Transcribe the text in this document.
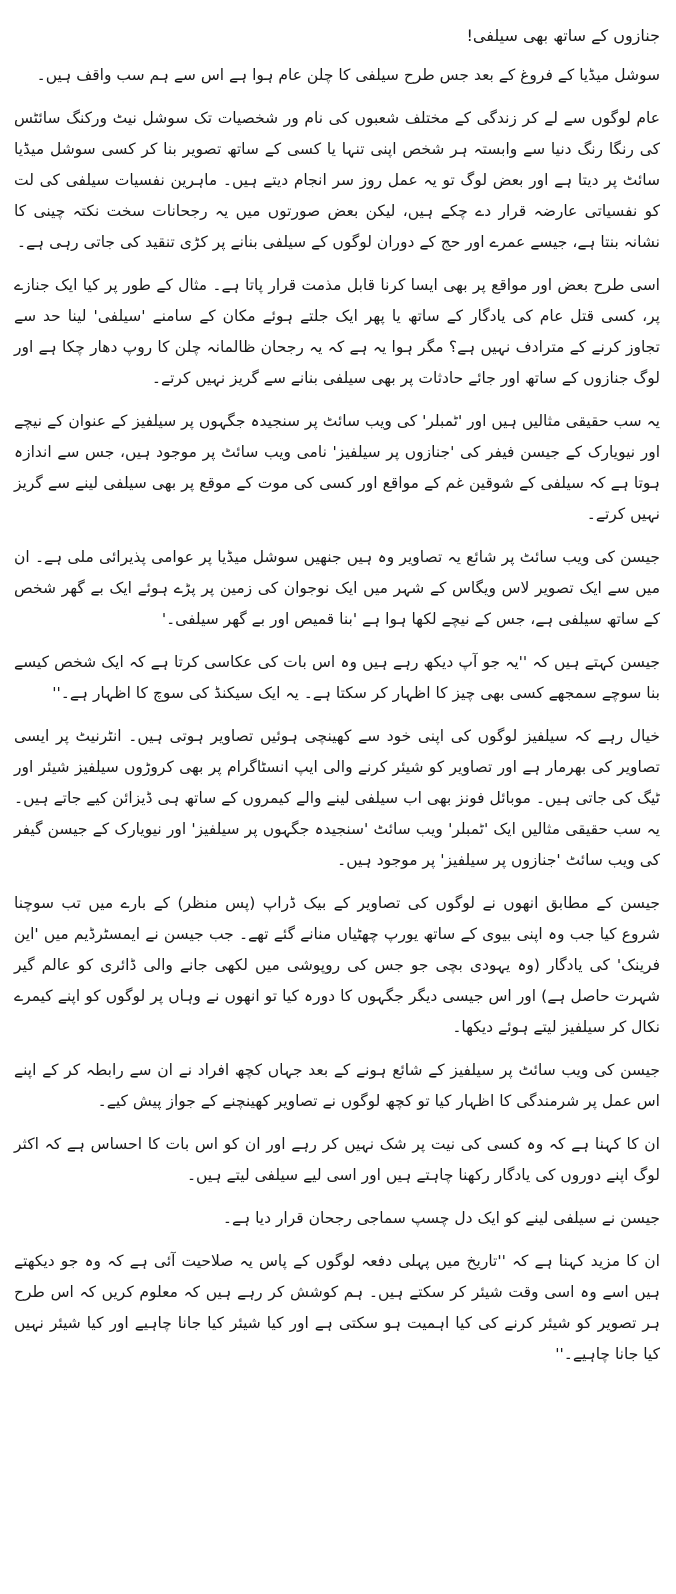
جنازوں کے ساتھ بھی سیلفی!

سوشل میڈیا کے فروغ کے بعد جس طرح سیلفی کا چلن عام ہوا ہے اس سے ہم سب واقف ہیں۔

عام لوگوں سے لے کر زندگی کے مختلف شعبوں کی نام ور شخصیات تک سوشل نیٹ ورکنگ سائٹس کی رنگا رنگ دنیا سے وابستہ ہر شخص اپنی تنہا یا کسی کے ساتھ تصویر بنا کر کسی سوشل میڈیا سائٹ پر دیتا ہے اور بعض لوگ تو یہ عمل روز سر انجام دیتے ہیں۔ ماہرین نفسیات سیلفی کی لت کو نفسیاتی عارضہ قرار دے چکے ہیں، لیکن بعض صورتوں میں یہ رجحانات سخت نکتہ چینی کا نشانہ بنتا ہے، جیسے عمرے اور حج کے دوران لوگوں کے سیلفی بنانے پر کڑی تنقید کی جاتی رہی ہے۔

اسی طرح بعض اور مواقع پر بھی ایسا کرنا قابل مذمت قرار پاتا ہے۔ مثال کے طور پر کیا ایک جنازے پر، کسی قتل عام کی یادگار کے ساتھ یا پھر ایک جلتے ہوئے مکان کے سامنے 'سیلفی' لینا حد سے تجاوز کرنے کے مترادف نہیں ہے؟ مگر ہوا یہ ہے کہ یہ رجحان ظالمانہ چلن کا روپ دھار چکا ہے اور لوگ جنازوں کے ساتھ اور جائے حادثات پر بھی سیلفی بنانے سے گریز نہیں کرتے۔

یہ سب حقیقی مثالیں ہیں اور 'ٹمبلر' کی ویب سائٹ پر سنجیدہ جگہوں پر سیلفیز کے عنوان کے نیچے اور نیویارک کے جیسن فیفر کی 'جنازوں پر سیلفیز' نامی ویب سائٹ پر موجود ہیں، جس سے اندازہ ہوتا ہے کہ سیلفی کے شوقین غم کے مواقع اور کسی کی موت کے موقع پر بھی سیلفی لینے سے گریز نہیں کرتے۔

جیسن کی ویب سائٹ پر شائع یہ تصاویر وہ ہیں جنھیں سوشل میڈیا پر عوامی پذیرائی ملی ہے۔ ان میں سے ایک تصویر لاس ویگاس کے شہر میں ایک نوجوان کی زمین پر پڑے ہوئے ایک بے گھر شخص کے ساتھ سیلفی ہے، جس کے نیچے لکھا ہوا ہے 'بنا قمیص اور بے گھر سیلفی۔'

جیسن کہتے ہیں کہ ''یہ جو آپ دیکھ رہے ہیں وہ اس بات کی عکاسی کرتا ہے کہ ایک شخص کیسے بنا سوچے سمجھے کسی بھی چیز کا اظہار کر سکتا ہے۔ یہ ایک سیکنڈ کی سوچ کا اظہار ہے۔''

خیال رہے کہ سیلفیز لوگوں کی اپنی خود سے کھینچی ہوئیں تصاویر ہوتی ہیں۔ انٹرنیٹ پر ایسی تصاویر کی بھرمار ہے اور تصاویر کو شیئر کرنے والی ایپ انسٹاگرام پر بھی کروڑوں سیلفیز شیئر اور ٹیگ کی جاتی ہیں۔ موبائل فونز بھی اب سیلفی لینے والے کیمروں کے ساتھ ہی ڈیزائن کیے جاتے ہیں۔ یہ سب حقیقی مثالیں ایک 'ٹمبلر' ویب سائٹ 'سنجیدہ جگہوں پر سیلفیز' اور نیویارک کے جیسن گیفر کی ویب سائٹ 'جنازوں پر سیلفیز' پر موجود ہیں۔

جیسن کے مطابق انھوں نے لوگوں کی تصاویر کے بیک ڈراپ (پس منظر) کے بارے میں تب سوچنا شروع کیا جب وہ اپنی بیوی کے ساتھ یورپ چھٹیاں منانے گئے تھے۔ جب جیسن نے ایمسٹرڈیم میں 'این فرینک' کی یادگار (وہ یہودی بچی جو جس کی روپوشی میں لکھی جانے والی ڈائری کو عالم گیر شہرت حاصل ہے) اور اس جیسی دیگر جگہوں کا دورہ کیا تو انھوں نے وہاں پر لوگوں کو اپنے کیمرے نکال کر سیلفیز لیتے ہوئے دیکھا۔

جیسن کی ویب سائٹ پر سیلفیز کے شائع ہونے کے بعد جہاں کچھ افراد نے ان سے رابطہ کر کے اپنے اس عمل پر شرمندگی کا اظہار کیا تو کچھ لوگوں نے تصاویر کھینچنے کے جواز پیش کیے۔

ان کا کہنا ہے کہ وہ کسی کی نیت پر شک نہیں کر رہے اور ان کو اس بات کا احساس ہے کہ اکثر لوگ اپنے دوروں کی یادگار رکھنا چاہتے ہیں اور اسی لیے سیلفی لیتے ہیں۔

جیسن نے سیلفی لینے کو ایک دل چسپ سماجی رجحان قرار دیا ہے۔

ان کا مزید کہنا ہے کہ ''تاریخ میں پہلی دفعہ لوگوں کے پاس یہ صلاحیت آئی ہے کہ وہ جو دیکھتے ہیں اسے وہ اسی وقت شیئر کر سکتے ہیں۔ ہم کوشش کر رہے ہیں کہ معلوم کریں کہ اس طرح ہر تصویر کو شیئر کرنے کی کیا اہمیت ہو سکتی ہے اور کیا شیئر کیا جانا چاہیے اور کیا شیئر نہیں کیا جانا چاہیے۔''
